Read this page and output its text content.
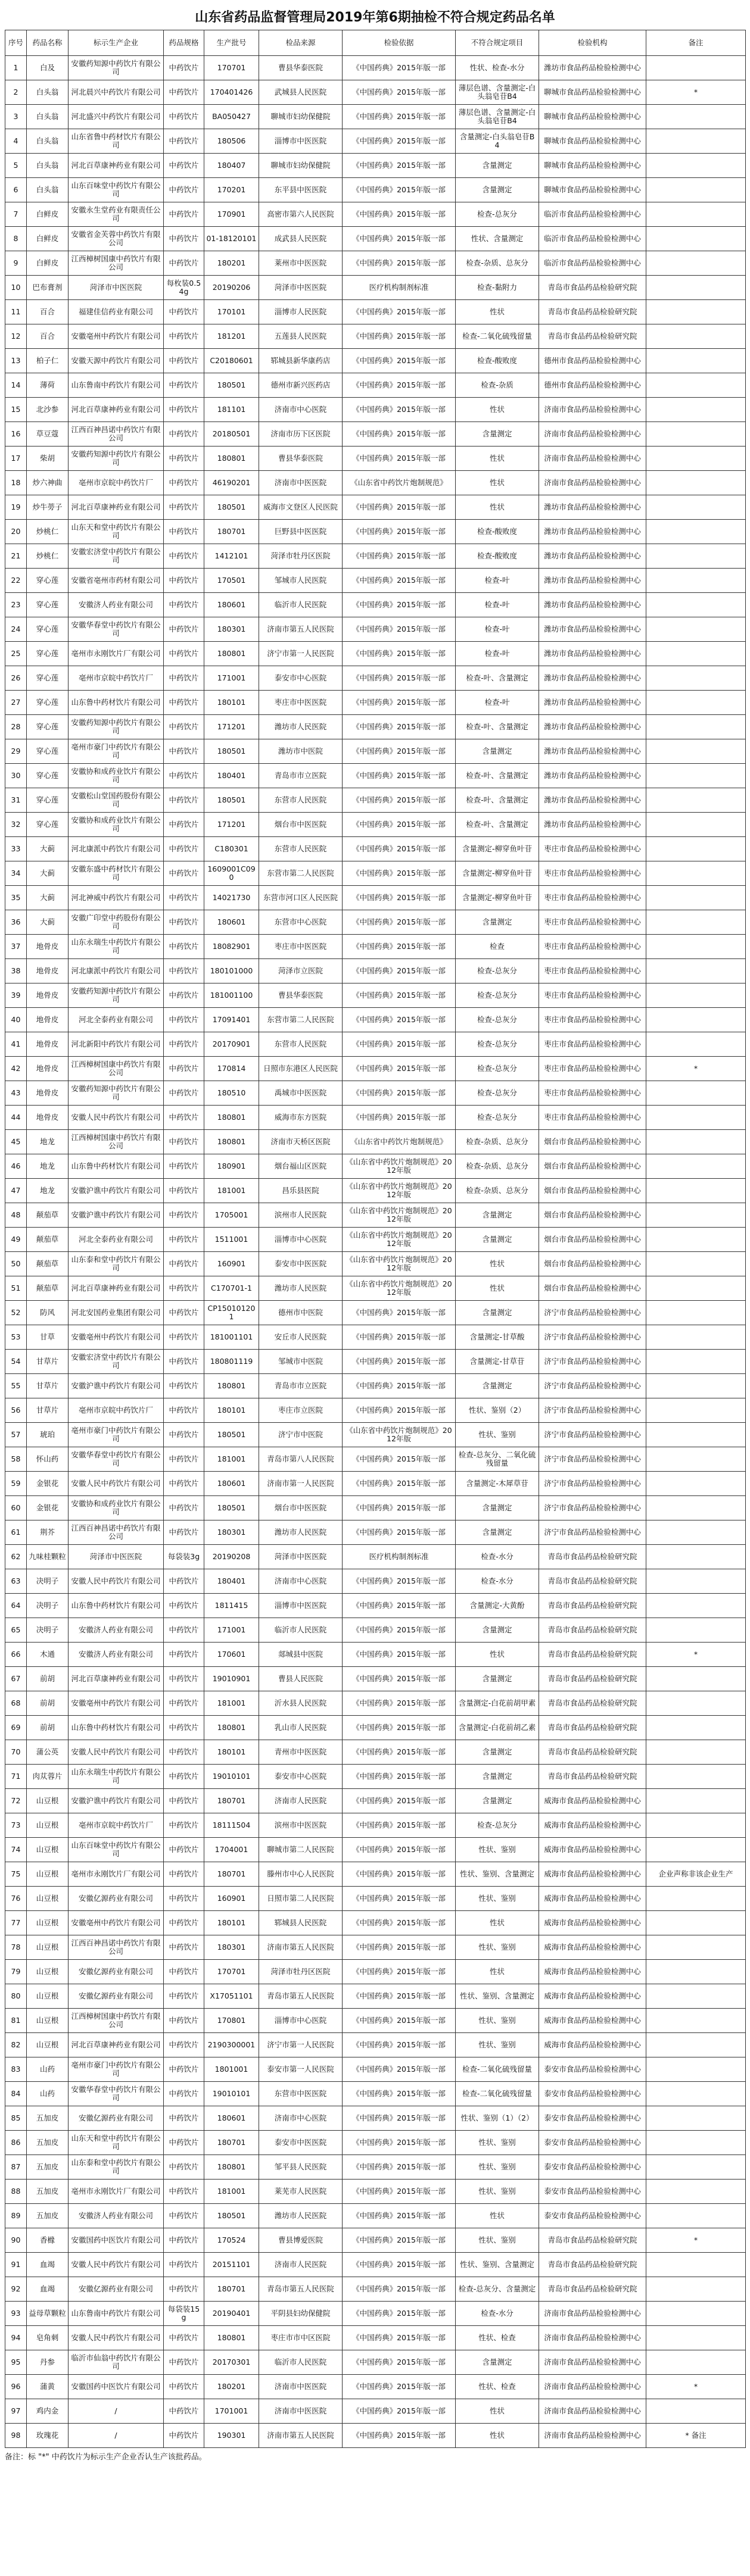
山东省药品监督管理局2019年第6期抽检不符合规定药品名单
序号	药品名称	标示生产企业	药品规格	生产批号	检品来源	检验依据	不符合规定项目	检验机构	备注
1	白及	安徽药知源中药饮片有限公司	中药饮片	170701	曹县华泰医院	《中国药典》2015年版一部	性状、检查-水分	潍坊市食品药品检验检测中心	
2	白头翁	河北晨兴中药饮片有限公司	中药饮片	170401426	武城县人民医院	《中国药典》2015年版一部	薄层色谱、含量测定-白头翁皂苷B4	聊城市食品药品检验检测中心	*
3	白头翁	河北盛兴中药饮片有限公司	中药饮片	BA050427	聊城市妇幼保健院	《中国药典》2015年版一部	薄层色谱、含量测定-白头翁皂苷B4	聊城市食品药品检验检测中心	
4	白头翁	山东省鲁中药材饮片有限公司	中药饮片	180506	淄博市中医医院	《中国药典》2015年版一部	含量测定-白头翁皂苷B4	聊城市食品药品检验检测中心	
5	白头翁	河北百草康神药业有限公司	中药饮片	180407	聊城市妇幼保健院	《中国药典》2015年版一部	含量测定	聊城市食品药品检验检测中心	
6	白头翁	山东百味堂中药饮片有限公司	中药饮片	170201	东平县中医医院	《中国药典》2015年版一部	含量测定	聊城市食品药品检验检测中心	
7	白鲜皮	安徽永生堂药业有限责任公司	中药饮片	170901	高密市第六人民医院	《中国药典》2015年版一部	检查-总灰分	临沂市食品药品检验检测中心	
8	白鲜皮	安徽省金芙蓉中药饮片有限公司	中药饮片	01-18120101	成武县人民医院	《中国药典》2015年版一部	性状、含量测定	临沂市食品药品检验检测中心	
9	白鲜皮	江西樟树国康中药饮片有限公司	中药饮片	180201	莱州市中医医院	《中国药典》2015年版一部	检查-杂质、总灰分	临沂市食品药品检验检测中心	
10	巴布膏剂	菏泽市中医医院	每枚装0.54g	20190206	菏泽市中医医院	医疗机构制剂标准	检查-黏附力	青岛市食品药品检验研究院	
11	百合	福建佳信药业有限公司	中药饮片	170101	淄博市人民医院	《中国药典》2015年版一部	性状	青岛市食品药品检验研究院	
12	百合	安徽亳州中药饮片有限公司	中药饮片	181201	五莲县人民医院	《中国药典》2015年版一部	检查-二氧化硫残留量	青岛市食品药品检验研究院	
13	柏子仁	安徽天源中药饮片有限公司	中药饮片	C20180601	郓城县新华康药店	《中国药典》2015年版一部	检查-酸败度	德州市食品药品检验检测中心	
14	薄荷	山东鲁南中药饮片有限公司	中药饮片	180501	德州市新兴医药店	《中国药典》2015年版一部	检查-杂质	德州市食品药品检验检测中心	
15	北沙参	河北百草康神药业有限公司	中药饮片	181101	济南市中心医院	《中国药典》2015年版一部	性状	济南市食品药品检验检测中心	
16	草豆蔻	江西百神昌诺中药饮片有限公司	中药饮片	20180501	济南市历下区医院	《中国药典》2015年版一部	含量测定	济南市食品药品检验检测中心	
17	柴胡	安徽药知源中药饮片有限公司	中药饮片	180801	曹县华泰医院	《中国药典》2015年版一部	性状	济南市食品药品检验检测中心	
18	炒六神曲	亳州市京皖中药饮片厂	中药饮片	46190201	济南市中医医院	《山东省中药饮片炮制规范》	性状	济南市食品药品检验检测中心	
19	炒牛蒡子	河北百草康神药业有限公司	中药饮片	180501	威海市文登区人民医院	《中国药典》2015年版一部	性状	潍坊市食品药品检验检测中心	
20	炒桃仁	山东天和堂中药饮片有限公司	中药饮片	180701	巨野县中医医院	《中国药典》2015年版一部	检查-酸败度	潍坊市食品药品检验检测中心	
21	炒桃仁	安徽宏济堂中药饮片有限公司	中药饮片	1412101	菏泽市牡丹区医院	《中国药典》2015年版一部	检查-酸败度	潍坊市食品药品检验检测中心	
22	穿心莲	安徽省亳州市药材有限公司	中药饮片	170501	邹城市人民医院	《中国药典》2015年版一部	检查-叶	潍坊市食品药品检验检测中心	
23	穿心莲	安徽济人药业有限公司	中药饮片	180601	临沂市人民医院	《中国药典》2015年版一部	检查-叶	潍坊市食品药品检验检测中心	
24	穿心莲	安徽华春堂中药饮片有限公司	中药饮片	180301	济南市第五人民医院	《中国药典》2015年版一部	检查-叶	潍坊市食品药品检验检测中心	
25	穿心莲	亳州市永刚饮片厂有限公司	中药饮片	180801	济宁市第一人民医院	《中国药典》2015年版一部	检查-叶	潍坊市食品药品检验检测中心	
26	穿心莲	亳州市京皖中药饮片厂	中药饮片	171001	泰安市中心医院	《中国药典》2015年版一部	检查-叶、含量测定	潍坊市食品药品检验检测中心	
27	穿心莲	山东鲁中药材饮片有限公司	中药饮片	180101	枣庄市中医医院	《中国药典》2015年版一部	检查-叶	潍坊市食品药品检验检测中心	
28	穿心莲	安徽药知源中药饮片有限公司	中药饮片	171201	潍坊市人民医院	《中国药典》2015年版一部	检查-叶、含量测定	潍坊市食品药品检验检测中心	
29	穿心莲	亳州市豪门中药饮片有限公司	中药饮片	180501	潍坊市中医院	《中国药典》2015年版一部	含量测定	潍坊市食品药品检验检测中心	
30	穿心莲	安徽协和成药业饮片有限公司	中药饮片	180401	青岛市市立医院	《中国药典》2015年版一部	检查-叶、含量测定	潍坊市食品药品检验检测中心	
31	穿心莲	安徽松山堂国药股份有限公司	中药饮片	180501	东营市人民医院	《中国药典》2015年版一部	检查-叶、含量测定	潍坊市食品药品检验检测中心	
32	穿心莲	安徽协和成药业饮片有限公司	中药饮片	171201	烟台市中医医院	《中国药典》2015年版一部	检查-叶、含量测定	潍坊市食品药品检验检测中心	
33	大蓟	河北康派中药饮片有限公司	中药饮片	C180301	东营市人民医院	《中国药典》2015年版一部	含量测定-柳穿鱼叶苷	枣庄市食品药品检验检测中心	
34	大蓟	安徽东盛中药材饮片有限公司	中药饮片	1609001C090	东营市第二人民医院	《中国药典》2015年版一部	含量测定-柳穿鱼叶苷	枣庄市食品药品检验检测中心	
35	大蓟	河北神威中药饮片有限公司	中药饮片	14021730	东营市河口区人民医院	《中国药典》2015年版一部	含量测定-柳穿鱼叶苷	枣庄市食品药品检验检测中心	
36	大蓟	安徽广印堂中药股份有限公司	中药饮片	180601	东营市中心医院	《中国药典》2015年版一部	含量测定	枣庄市食品药品检验检测中心	
37	地骨皮	山东永瑞生中药饮片有限公司	中药饮片	18082901	枣庄市中医医院	《中国药典》2015年版一部	检查	枣庄市食品药品检验检测中心	
38	地骨皮	河北康派中药饮片有限公司	中药饮片	180101000	菏泽市立医院	《中国药典》2015年版一部	检查-总灰分	枣庄市食品药品检验检测中心	
39	地骨皮	安徽药知源中药饮片有限公司	中药饮片	181001100	曹县华泰医院	《中国药典》2015年版一部	检查-总灰分	枣庄市食品药品检验检测中心	
40	地骨皮	河北全泰药业有限公司	中药饮片	17091401	东营市第二人民医院	《中国药典》2015年版一部	检查-总灰分	枣庄市食品药品检验检测中心	
41	地骨皮	河北新阳中药饮片有限公司	中药饮片	20170901	东营市人民医院	《中国药典》2015年版一部	检查-总灰分	枣庄市食品药品检验检测中心	
42	地骨皮	江西樟树国康中药饮片有限公司	中药饮片	170814	日照市东港区人民医院	《中国药典》2015年版一部	检查-总灰分	枣庄市食品药品检验检测中心	*
43	地骨皮	安徽药知源中药饮片有限公司	中药饮片	180510	禹城市中医医院	《中国药典》2015年版一部	检查-总灰分	枣庄市食品药品检验检测中心	
44	地骨皮	安徽人民中药饮片有限公司	中药饮片	180801	威海市东方医院	《中国药典》2015年版一部	检查-总灰分	枣庄市食品药品检验检测中心	
45	地龙	江西樟树国康中药饮片有限公司	中药饮片	180801	济南市天桥区医院	《山东省中药饮片炮制规范》	检查-杂质、总灰分	烟台市食品药品检验检测中心	
46	地龙	山东鲁中药材饮片有限公司	中药饮片	180901	烟台福山区医院	《山东省中药饮片炮制规范》2012年版	检查-杂质、总灰分	烟台市食品药品检验检测中心	
47	地龙	安徽沪谯中药饮片有限公司	中药饮片	181001	昌乐县医院	《山东省中药饮片炮制规范》2012年版	检查-杂质、总灰分	烟台市食品药品检验检测中心	
48	颠茄草	安徽沪谯中药饮片有限公司	中药饮片	1705001	滨州市人民医院	《山东省中药饮片炮制规范》2012年版	含量测定	烟台市食品药品检验检测中心	
49	颠茄草	河北全泰药业有限公司	中药饮片	1511001	淄博市中心医院	《山东省中药饮片炮制规范》2012年版	含量测定	烟台市食品药品检验检测中心	
50	颠茄草	山东泰和堂中药饮片有限公司	中药饮片	160901	泰安市中医医院	《山东省中药饮片炮制规范》2012年版	性状	烟台市食品药品检验检测中心	
51	颠茄草	河北百草康神药业有限公司	中药饮片	C170701-1	潍坊市人民医院	《山东省中药饮片炮制规范》2012年版	性状	烟台市食品药品检验检测中心	
52	防风	河北安国药业集团有限公司	中药饮片	CP150101201	德州市中医院	《中国药典》2015年版一部	含量测定	济宁市食品药品检验检测中心	
53	甘草	安徽亳州中药饮片有限公司	中药饮片	181001101	安丘市人民医院	《中国药典》2015年版一部	含量测定-甘草酸	济宁市食品药品检验检测中心	
54	甘草片	安徽宏济堂中药饮片有限公司	中药饮片	180801119	邹城市中医院	《中国药典》2015年版一部	含量测定-甘草苷	济宁市食品药品检验检测中心	
55	甘草片	安徽沪谯中药饮片有限公司	中药饮片	180801	青岛市市立医院	《中国药典》2015年版一部	含量测定	济宁市食品药品检验检测中心	
56	甘草片	亳州市京皖中药饮片厂	中药饮片	180101	枣庄市立医院	《中国药典》2015年版一部	性状、鉴别（2）	济宁市食品药品检验检测中心	
57	琥珀	亳州市豪门中药饮片有限公司	中药饮片	180501	济宁市中医院	《山东省中药饮片炮制规范》2012年版	性状、鉴别	济宁市食品药品检验检测中心	
58	怀山药	安徽华春堂中药饮片有限公司	中药饮片	181001	青岛市第八人民医院	《中国药典》2015年版一部	检查-总灰分、二氧化硫残留量	济宁市食品药品检验检测中心	
59	金银花	安徽人民中药饮片有限公司	中药饮片	180601	济南市第一人民医院	《中国药典》2015年版一部	含量测定-木犀草苷	济宁市食品药品检验检测中心	
60	金银花	安徽协和成药业饮片有限公司	中药饮片	180501	烟台市中医医院	《中国药典》2015年版一部	含量测定	济宁市食品药品检验检测中心	
61	荆芥	江西百神昌诺中药饮片有限公司	中药饮片	180301	潍坊市人民医院	《中国药典》2015年版一部	含量测定	济宁市食品药品检验检测中心	
62	九味桂颗粒	菏泽市中医医院	每袋装3g	20190208	菏泽市中医医院	医疗机构制剂标准	检查-水分	青岛市食品药品检验研究院	
63	决明子	安徽人民中药饮片有限公司	中药饮片	180401	济南市中心医院	《中国药典》2015年版一部	检查-水分	青岛市食品药品检验研究院	
64	决明子	山东鲁中药材饮片有限公司	中药饮片	1811415	淄博市中医医院	《中国药典》2015年版一部	含量测定-大黄酚	青岛市食品药品检验研究院	
65	决明子	安徽济人药业有限公司	中药饮片	171001	临沂市人民医院	《中国药典》2015年版一部	含量测定	青岛市食品药品检验研究院	
66	木通	安徽济人药业有限公司	中药饮片	170601	郯城县中医院	《中国药典》2015年版一部	性状	青岛市食品药品检验研究院	*
67	前胡	河北百草康神药业有限公司	中药饮片	19010901	曹县人民医院	《中国药典》2015年版一部	含量测定	青岛市食品药品检验研究院	
68	前胡	安徽亳州中药饮片有限公司	中药饮片	181001	沂水县人民医院	《中国药典》2015年版一部	含量测定-白花前胡甲素	青岛市食品药品检验研究院	
69	前胡	山东鲁中药材饮片有限公司	中药饮片	180801	乳山市人民医院	《中国药典》2015年版一部	含量测定-白花前胡乙素	青岛市食品药品检验研究院	
70	蒲公英	安徽人民中药饮片有限公司	中药饮片	180101	青州市中医医院	《中国药典》2015年版一部	含量测定	青岛市食品药品检验研究院	
71	肉苁蓉片	山东永瑞生中药饮片有限公司	中药饮片	19010101	泰安市中心医院	《中国药典》2015年版一部	含量测定	青岛市食品药品检验研究院	
72	山豆根	安徽沪谯中药饮片有限公司	中药饮片	180701	济南市人民医院	《中国药典》2015年版一部	含量测定	威海市食品药品检验检测中心	
73	山豆根	亳州市京皖中药饮片厂	中药饮片	18111504	滨州市中医医院	《中国药典》2015年版一部	检查-总灰分	威海市食品药品检验检测中心	
74	山豆根	山东百味堂中药饮片有限公司	中药饮片	1704001	聊城市第二人民医院	《中国药典》2015年版一部	性状、鉴别	威海市食品药品检验检测中心	
75	山豆根	亳州市永刚饮片厂有限公司	中药饮片	180701	滕州市中心人民医院	《中国药典》2015年版一部	性状、鉴别、含量测定	威海市食品药品检验检测中心	企业声称非该企业生产
76	山豆根	安徽亿源药业有限公司	中药饮片	160901	日照市第二人民医院	《中国药典》2015年版一部	性状、鉴别	威海市食品药品检验检测中心	
77	山豆根	安徽亳州中药饮片有限公司	中药饮片	180101	郓城县人民医院	《中国药典》2015年版一部	性状	威海市食品药品检验检测中心	
78	山豆根	江西百神昌诺中药饮片有限公司	中药饮片	180301	济南市第五人民医院	《中国药典》2015年版一部	性状、鉴别	威海市食品药品检验检测中心	
79	山豆根	安徽亿源药业有限公司	中药饮片	170701	菏泽市牡丹区医院	《中国药典》2015年版一部	性状	威海市食品药品检验检测中心	
80	山豆根	安徽亿源药业有限公司	中药饮片	X17051101	青岛市第五人民医院	《中国药典》2015年版一部	性状、鉴别、含量测定	威海市食品药品检验检测中心	
81	山豆根	江西樟树国康中药饮片有限公司	中药饮片	170801	淄博市中心医院	《中国药典》2015年版一部	性状、鉴别	威海市食品药品检验检测中心	
82	山豆根	河北百草康神药业有限公司	中药饮片	2190300001	济宁市第一人民医院	《中国药典》2015年版一部	性状、鉴别	威海市食品药品检验检测中心	
83	山药	亳州市豪门中药饮片有限公司	中药饮片	1801001	泰安市第一人民医院	《中国药典》2015年版一部	检查-二氧化硫残留量	泰安市食品药品检验检测中心	
84	山药	安徽华春堂中药饮片有限公司	中药饮片	19010101	东营市中医医院	《中国药典》2015年版一部	检查-二氧化硫残留量	泰安市食品药品检验检测中心	
85	五加皮	安徽亿源药业有限公司	中药饮片	180601	济南市中心医院	《中国药典》2015年版一部	性状、鉴别（1）（2）	泰安市食品药品检验检测中心	
86	五加皮	山东天和堂中药饮片有限公司	中药饮片	180701	泰安市中医医院	《中国药典》2015年版一部	性状、鉴别	泰安市食品药品检验检测中心	
87	五加皮	山东泰和堂中药饮片有限公司	中药饮片	180801	邹平县人民医院	《中国药典》2015年版一部	性状、鉴别	泰安市食品药品检验检测中心	
88	五加皮	亳州市永刚饮片厂有限公司	中药饮片	181001	莱芜市人民医院	《中国药典》2015年版一部	性状、鉴别	泰安市食品药品检验检测中心	
89	五加皮	安徽济人药业有限公司	中药饮片	180501	潍坊市人民医院	《中国药典》2015年版一部	性状	泰安市食品药品检验检测中心	
90	香橼	安徽国药中医饮片有限公司	中药饮片	170524	曹县博爱医院	《中国药典》2015年版一部	性状、鉴别	青岛市食品药品检验研究院	*
91	血竭	安徽人民中药饮片有限公司	中药饮片	20151101	济南市人民医院	《中国药典》2015年版一部	性状、鉴别、含量测定	青岛市食品药品检验研究院	
92	血竭	安徽亿源药业有限公司	中药饮片	180701	青岛市第五人民医院	《中国药典》2015年版一部	检查-总灰分、含量测定	青岛市食品药品检验研究院	
93	益母草颗粒	山东鲁南中药饮片有限公司	每袋装15g	20190401	平阴县妇幼保健院	《中国药典》2015年版一部	检查-水分	济南市食品药品检验检测中心	
94	皂角刺	安徽人民中药饮片有限公司	中药饮片	180801	枣庄市市中区医院	《中国药典》2015年版一部	性状、检查	济南市食品药品检验检测中心	
95	丹参	临沂市仙翁中药饮片有限公司	中药饮片	20170301	临沂市人民医院	《中国药典》2015年版一部	含量测定	济南市食品药品检验检测中心	
96	蒲黄	安徽国药中医饮片有限公司	中药饮片	180201	济南市中医医院	《中国药典》2015年版一部	性状、检查	济南市食品药品检验检测中心	*
97	鸡内金	/	中药饮片	1701001	济南市中医医院	《中国药典》2015年版一部	性状	济南市食品药品检验检测中心	
98	玫瑰花	/	中药饮片	190301	济南市第五人民医院	《中国药典》2015年版一部	性状	济南市食品药品检验检测中心	* 备注
备注：标 "*" 中药饮片为标示生产企业否认生产该批药品。
